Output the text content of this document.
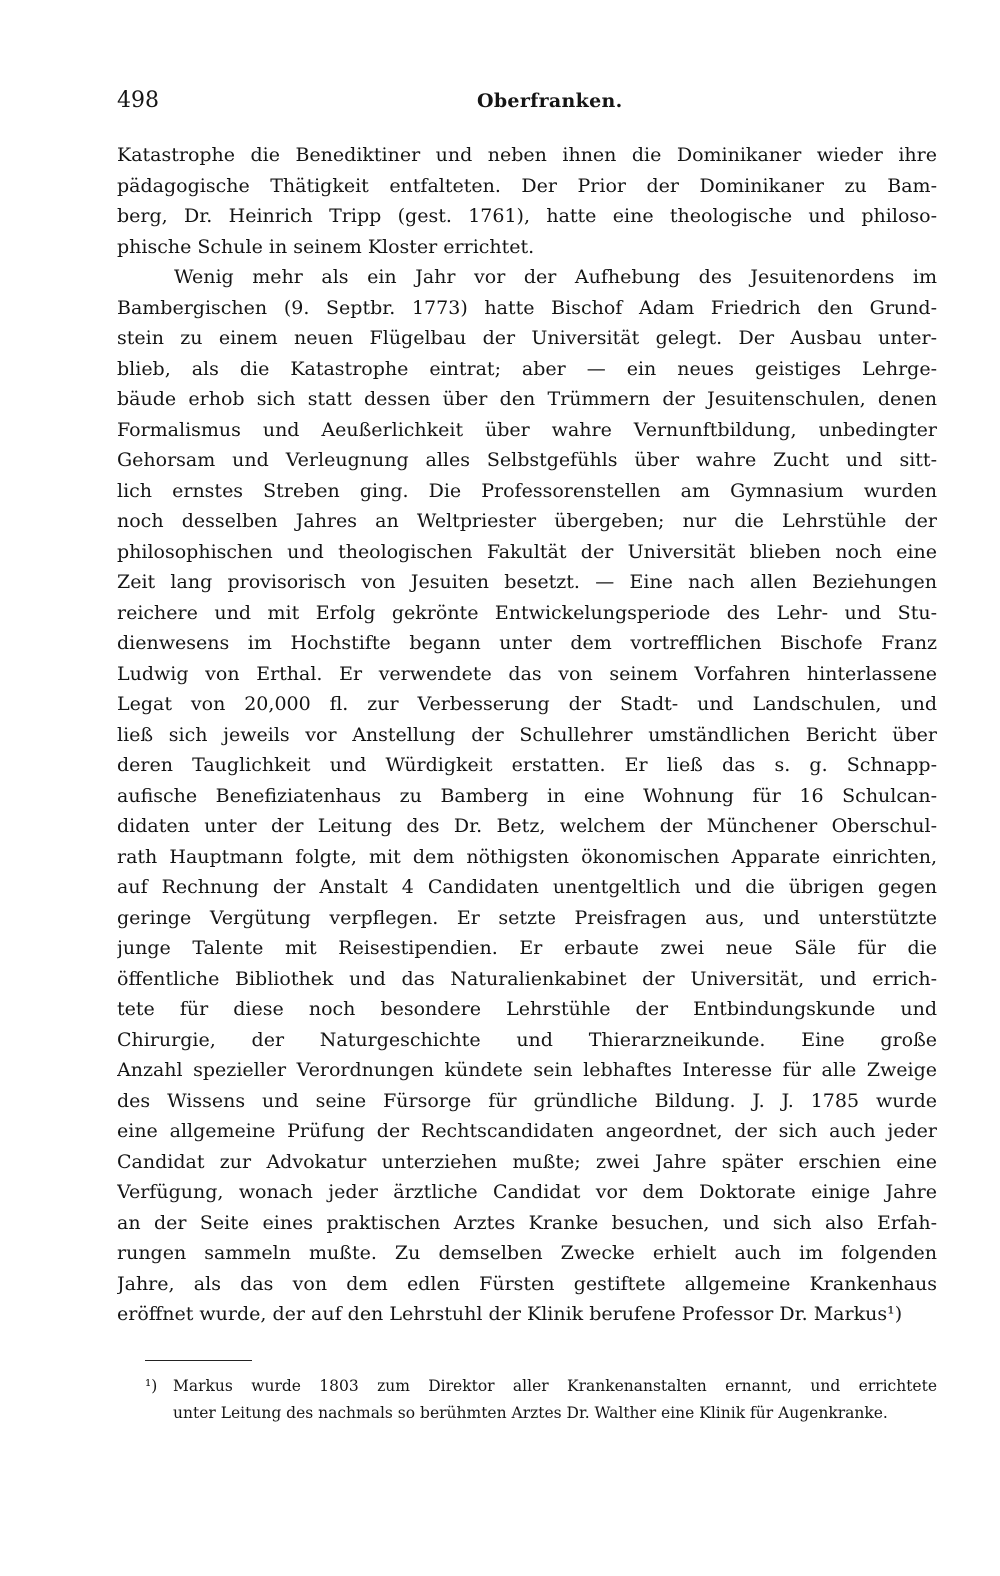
498	Oberfranken.
Katastrophe die Benediktiner und neben ihnen die Dominikaner wieder ihre
pädagogische Thätigkeit entfalteten. Der Prior der Dominikaner zu Bam-
berg, Dr. Heinrich Tripp (gest. 1761), hatte eine theologische und philoso-
phische Schule in seinem Kloster errichtet.
Wenig mehr als ein Jahr vor der Aufhebung des Jesuitenordens im
Bambergischen (9. Septbr. 1773) hatte Bischof Adam Friedrich den Grund-
stein zu einem neuen Flügelbau der Universität gelegt. Der Ausbau unter-
blieb, als die Katastrophe eintrat; aber — ein neues geistiges Lehrge-
bäude erhob sich statt dessen über den Trümmern der Jesuitenschulen, denen
Formalismus und Aeußerlichkeit über wahre Vernunftbildung, unbedingter
Gehorsam und Verleugnung alles Selbstgefühls über wahre Zucht und sitt-
lich ernstes Streben ging. Die Professorenstellen am Gymnasium wurden
noch desselben Jahres an Weltpriester übergeben; nur die Lehrstühle der
philosophischen und theologischen Fakultät der Universität blieben noch eine
Zeit lang provisorisch von Jesuiten besetzt. — Eine nach allen Beziehungen
reichere und mit Erfolg gekrönte Entwickelungsperiode des Lehr- und Stu-
dienwesens im Hochstifte begann unter dem vortrefflichen Bischofe Franz
Ludwig von Erthal. Er verwendete das von seinem Vorfahren hinterlassene
Legat von 20,000 fl. zur Verbesserung der Stadt- und Landschulen, und
ließ sich jeweils vor Anstellung der Schullehrer umständlichen Bericht über
deren Tauglichkeit und Würdigkeit erstatten. Er ließ das s. g. Schnapp-
aufische Benefiziatenhaus zu Bamberg in eine Wohnung für 16 Schulcan-
didaten unter der Leitung des Dr. Betz, welchem der Münchener Oberschul-
rath Hauptmann folgte, mit dem nöthigsten ökonomischen Apparate einrichten,
auf Rechnung der Anstalt 4 Candidaten unentgeltlich und die übrigen gegen
geringe Vergütung verpflegen. Er setzte Preisfragen aus, und unterstützte
junge Talente mit Reisestipendien. Er erbaute zwei neue Säle für die
öffentliche Bibliothek und das Naturalienkabinet der Universität, und errich-
tete für diese noch besondere Lehrstühle der Entbindungskunde und
Chirurgie, der Naturgeschichte und Thierarzneikunde. Eine große
Anzahl spezieller Verordnungen kündete sein lebhaftes Interesse für alle Zweige
des Wissens und seine Fürsorge für gründliche Bildung. J. J. 1785 wurde
eine allgemeine Prüfung der Rechtscandidaten angeordnet, der sich auch jeder
Candidat zur Advokatur unterziehen mußte; zwei Jahre später erschien eine
Verfügung, wonach jeder ärztliche Candidat vor dem Doktorate einige Jahre
an der Seite eines praktischen Arztes Kranke besuchen, und sich also Erfah-
rungen sammeln mußte. Zu demselben Zwecke erhielt auch im folgenden
Jahre, als das von dem edlen Fürsten gestiftete allgemeine Krankenhaus
eröffnet wurde, der auf den Lehrstuhl der Klinik berufene Professor Dr. Markus¹)
¹) Markus wurde 1803 zum Direktor aller Krankenanstalten ernannt, und errichtete
unter Leitung des nachmals so berühmten Arztes Dr. Walther eine Klinik für Augenkranke.
